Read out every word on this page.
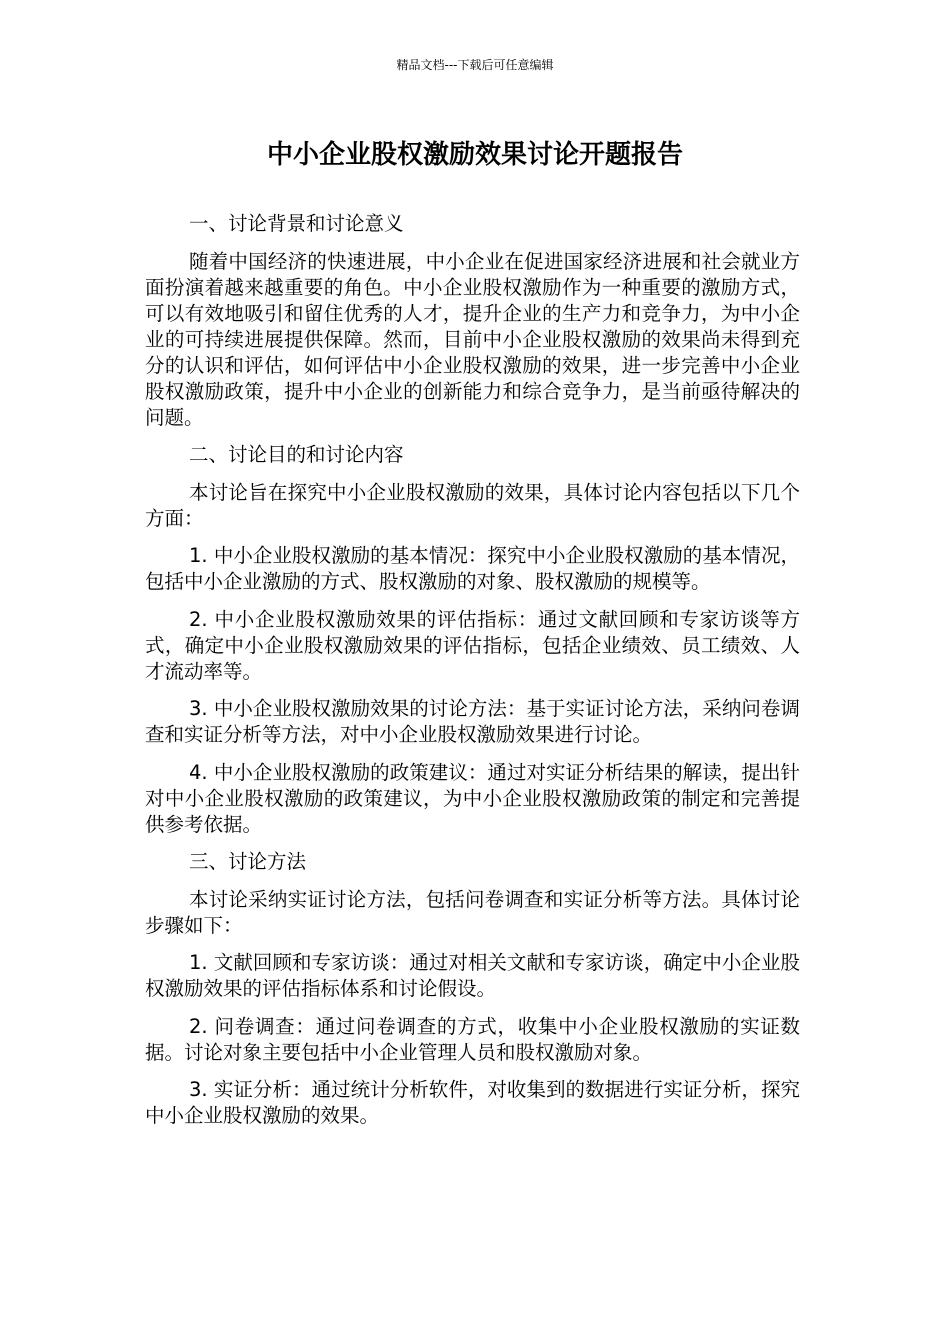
精品文档---下载后可任意编辑
中小企业股权激励效果讨论开题报告

一、讨论背景和讨论意义

随着中国经济的快速进展，中小企业在促进国家经济进展和社会就业方面扮演着越来越重要的角色。中小企业股权激励作为一种重要的激励方式，可以有效地吸引和留住优秀的人才，提升企业的生产力和竞争力，为中小企业的可持续进展提供保障。然而，目前中小企业股权激励的效果尚未得到充分的认识和评估，如何评估中小企业股权激励的效果，进一步完善中小企业股权激励政策，提升中小企业的创新能力和综合竞争力，是当前亟待解决的问题。

二、讨论目的和讨论内容

本讨论旨在探究中小企业股权激励的效果，具体讨论内容包括以下几个方面：

1. 中小企业股权激励的基本情况：探究中小企业股权激励的基本情况，包括中小企业激励的方式、股权激励的对象、股权激励的规模等。

2. 中小企业股权激励效果的评估指标：通过文献回顾和专家访谈等方式，确定中小企业股权激励效果的评估指标，包括企业绩效、员工绩效、人才流动率等。

3. 中小企业股权激励效果的讨论方法：基于实证讨论方法，采纳问卷调查和实证分析等方法，对中小企业股权激励效果进行讨论。

4. 中小企业股权激励的政策建议：通过对实证分析结果的解读，提出针对中小企业股权激励的政策建议，为中小企业股权激励政策的制定和完善提供参考依据。

三、讨论方法

本讨论采纳实证讨论方法，包括问卷调查和实证分析等方法。具体讨论步骤如下：

1. 文献回顾和专家访谈：通过对相关文献和专家访谈，确定中小企业股权激励效果的评估指标体系和讨论假设。

2. 问卷调查：通过问卷调查的方式，收集中小企业股权激励的实证数据。讨论对象主要包括中小企业管理人员和股权激励对象。

3. 实证分析：通过统计分析软件，对收集到的数据进行实证分析，探究中小企业股权激励的效果。
